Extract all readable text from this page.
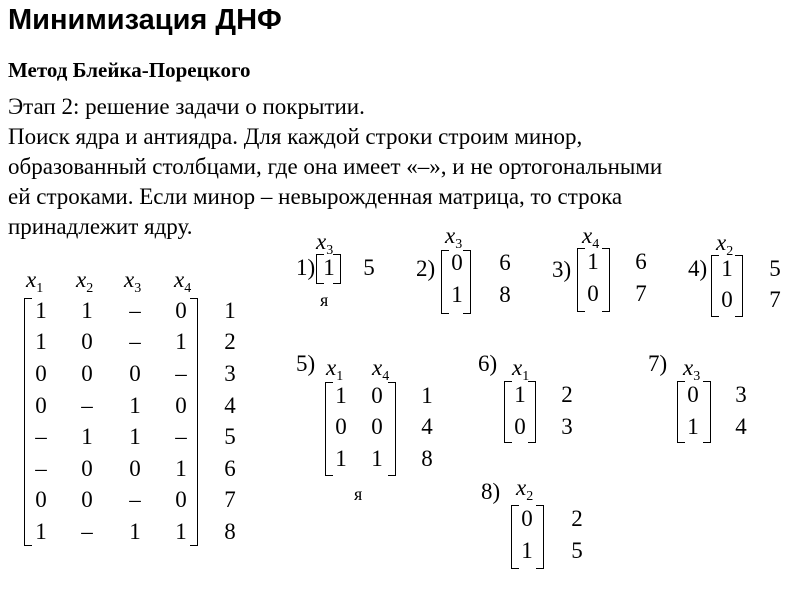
Минимизация ДНФ
Метод Блейка-Порецкого
Этап 2: решение задачи о покрытии.
Поиск ядра и антиядра. Для каждой строки строим минор,
образованный столбцами, где она имеет «–», и не ортогональными
ей строками. Если минор – невырожденная матрица, то строка
принадлежит ядру.
$x_1$ $x_2$ $x_3$ $x_4$
1 1 – 0 1
1 0 – 1 2
0 0 0 – 3
0 – 1 0 4
– 1 1 – 5
– 0 0 1 6
0 0 – 0 7
1 – 1 1 8
$x_3$
1) 1 5
я
$x_3$
2) 0 6
1 8
$x_4$
3) 1 6
0 7
$x_2$
4) 1 5
0 7
5) $x_1$ $x_4$
1 0 1
0 0 4
1 1 8
я
6) $x_1$
1 2
0 3
7) $x_3$
0 3
1 4
8) $x_2$
0 2
1 5
